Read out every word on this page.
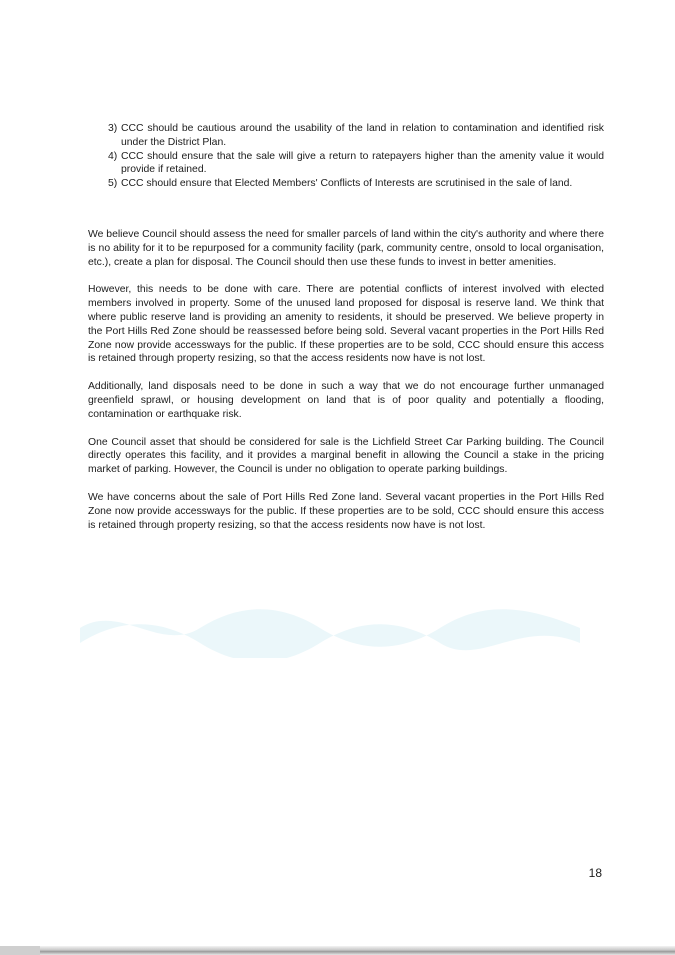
3) CCC should be cautious around the usability of the land in relation to contamination and identified risk under the District Plan.
4) CCC should ensure that the sale will give a return to ratepayers higher than the amenity value it would provide if retained.
5) CCC should ensure that Elected Members' Conflicts of Interests are scrutinised in the sale of land.

We believe Council should assess the need for smaller parcels of land within the city's authority and where there is no ability for it to be repurposed for a community facility (park, community centre, onsold to local organisation, etc.), create a plan for disposal. The Council should then use these funds to invest in better amenities.

However, this needs to be done with care. There are potential conflicts of interest involved with elected members involved in property. Some of the unused land proposed for disposal is reserve land. We think that where public reserve land is providing an amenity to residents, it should be preserved. We believe property in the Port Hills Red Zone should be reassessed before being sold. Several vacant properties in the Port Hills Red Zone now provide accessways for the public. If these properties are to be sold, CCC should ensure this access is retained through property resizing, so that the access residents now have is not lost.

Additionally, land disposals need to be done in such a way that we do not encourage further unmanaged greenfield sprawl, or housing development on land that is of poor quality and potentially a flooding, contamination or earthquake risk.

One Council asset that should be considered for sale is the Lichfield Street Car Parking building. The Council directly operates this facility, and it provides a marginal benefit in allowing the Council a stake in the pricing market of parking. However, the Council is under no obligation to operate parking buildings.

We have concerns about the sale of Port Hills Red Zone land. Several vacant properties in the Port Hills Red Zone now provide accessways for the public. If these properties are to be sold, CCC should ensure this access is retained through property resizing, so that the access residents now have is not lost.

18
